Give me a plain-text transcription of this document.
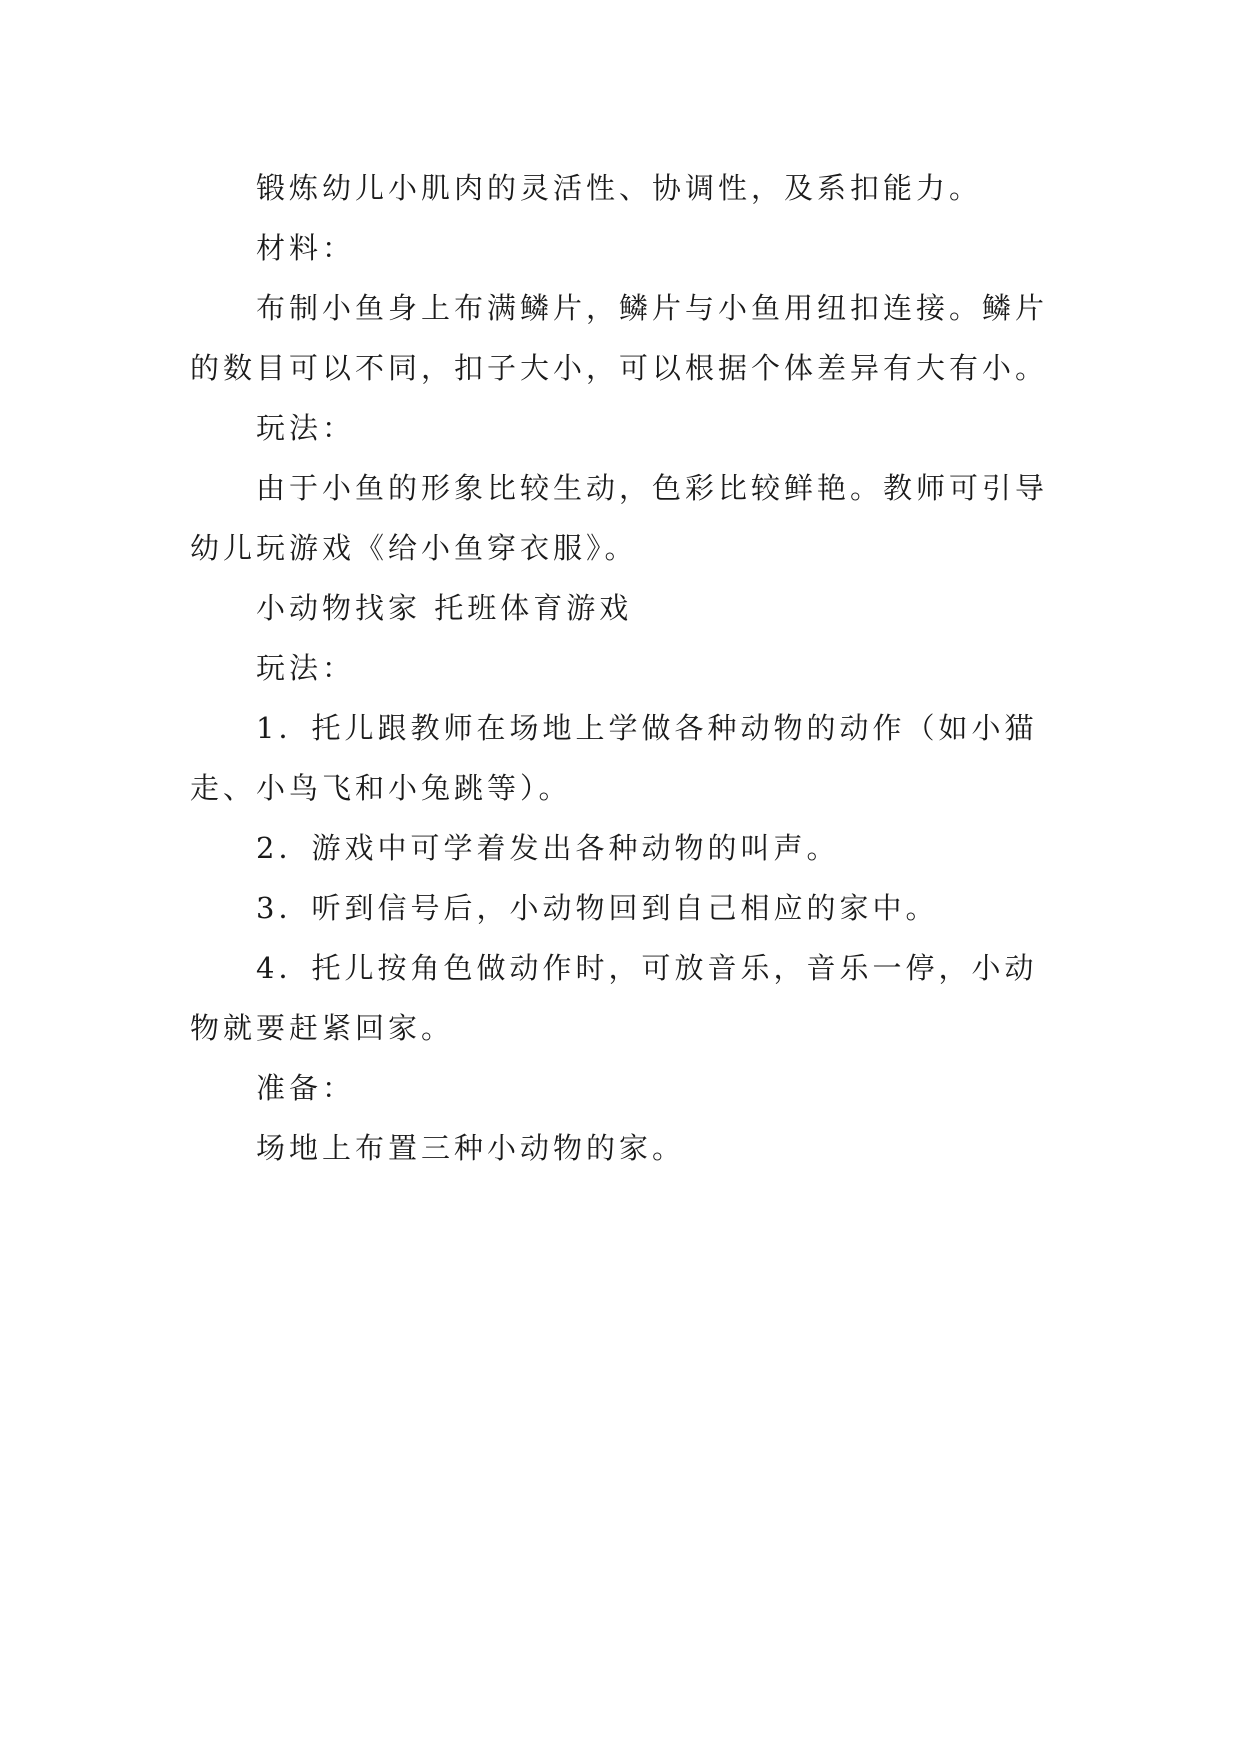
锻炼幼儿小肌肉的灵活性、协调性，及系扣能力。

材料：

布制小鱼身上布满鳞片，鳞片与小鱼用纽扣连接。鳞片的数目可以不同，扣子大小，可以根据个体差异有大有小。

玩法：

由于小鱼的形象比较生动，色彩比较鲜艳。教师可引导幼儿玩游戏《给小鱼穿衣服》。

小动物找家 托班体育游戏

玩法：

1．托儿跟教师在场地上学做各种动物的动作（如小猫走、小鸟飞和小兔跳等）。

2．游戏中可学着发出各种动物的叫声。

3．听到信号后，小动物回到自己相应的家中。

4．托儿按角色做动作时，可放音乐，音乐一停，小动物就要赶紧回家。

准备：

场地上布置三种小动物的家。
